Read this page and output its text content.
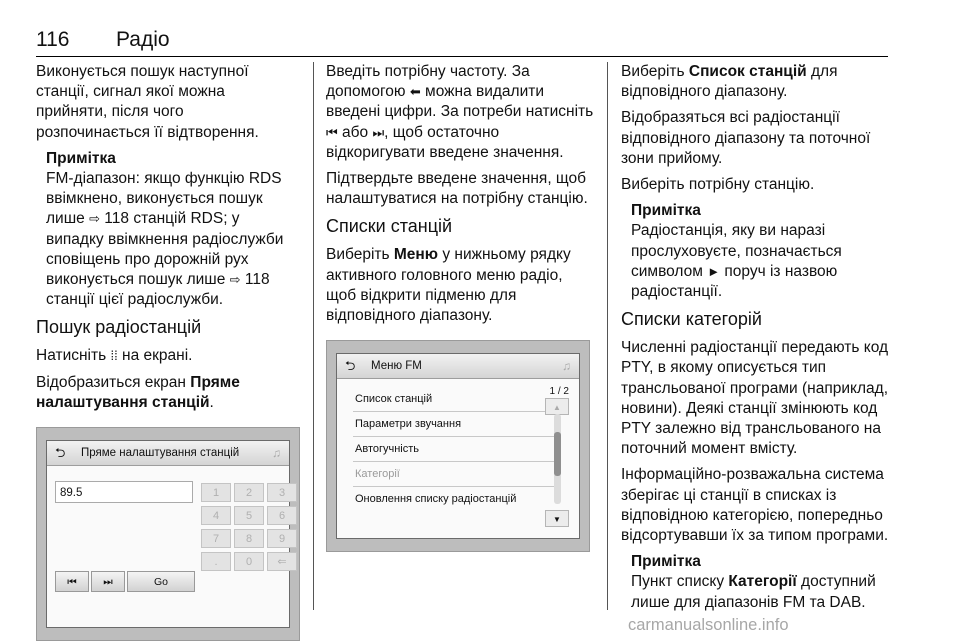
116 Радіо

Виконується пошук наступної станції, сигнал якої можна прийняти, після чого розпочинається її відтворення.

Примітка
FM-діапазон: якщо функцію RDS ввімкнено, виконується пошук лише ⇨ 118 станцій RDS; у випадку ввімкнення радіослужби сповіщень про дорожній рух виконується пошук лише ⇨ 118 станції цієї радіослужби.
Пошук радіостанцій

Натисніть ⁞⁞ на екрані.

Відобразиться екран Пряме налаштування станцій.

⮌ Пряме налаштування станцій	♫
89.5	1	2	3
4	5	6
7	8	9
.	0	⇐
⏮	⏭	Go

Введіть потрібну частоту. За допомогою ⬅ можна видалити введені цифри. За потреби натисніть ⏮ або ⏭, щоб остаточно відкоригувати введене значення.

Підтвердьте введене значення, щоб налаштуватися на потрібну станцію.

Списки станцій

Виберіть Меню у нижньому рядку активного головного меню радіо, щоб відкрити підменю для відповідного діапазону.

⮌ Меню FM	♫
1 / 2
Список станцій
Параметри звучання
Автогучність
Категорії
Оновлення списку радіостанцій
▲
▼

Виберіть Список станцій для відповідного діапазону.

Відобразяться всі радіостанції відповідного діапазону та поточної зони прийому.

Виберіть потрібну станцію.

Примітка
Радіостанція, яку ви наразі прослуховуєте, позначається символом ► поруч із назвою радіостанції.
Списки категорій

Численні радіостанції передають код PTY, в якому описується тип трансльованої програми (наприклад, новини). Деякі станції змінюють код PTY залежно від трансльованого на поточний момент вмісту.

Інформаційно-розважальна система зберігає ці станції в списках із відповідною категорією, попередньо відсортувавши їх за типом програми.

Примітка
Пункт списку Категорії доступний лише для діапазонів FM та DAB.
carmanualsonline.info
